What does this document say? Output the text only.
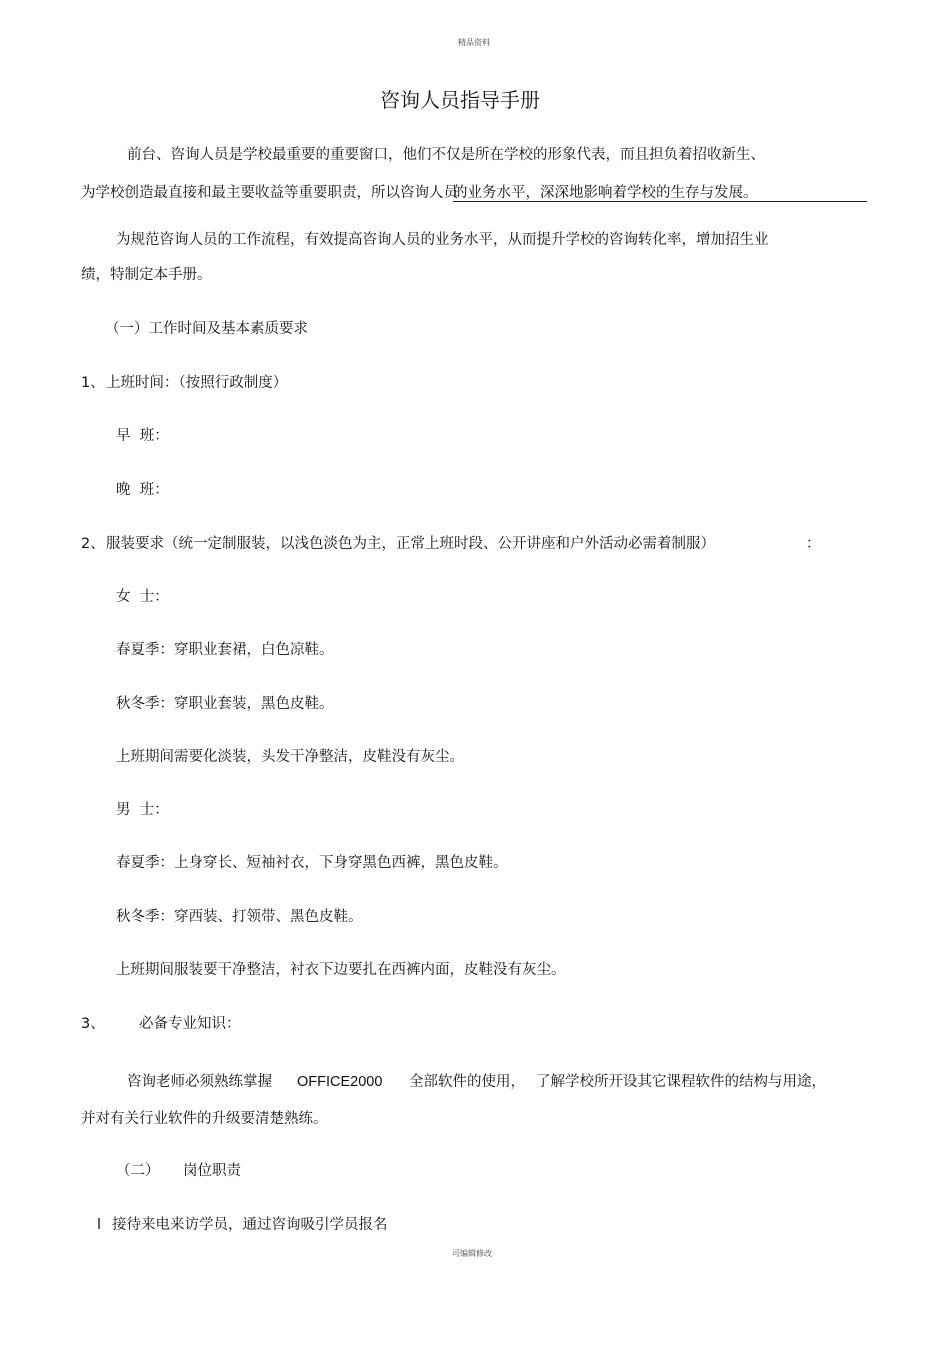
精品资料
咨询人员指导手册
前台、咨询人员是学校最重要的重要窗口，他们不仅是所在学校的形象代表，而且担负着招收新生、
为学校创造最直接和最主要收益等重要职责，所以咨询人员
的业务水平，深深地影响着学校的生存与发展。
为规范咨询人员的工作流程，有效提高咨询人员的业务水平，从而提升学校的咨询转化率，增加招生业
绩，特制定本手册。
（一）工作时间及基本素质要求
1、 上班时间：（按照行政制度）
早  班：
晚  班：
2、 服装要求（统一定制服装，以浅色淡色为主，正常上班时段、公开讲座和户外活动必需着制服）	：
女  士：
春夏季：穿职业套裙，白色凉鞋。
秋冬季：穿职业套装，黑色皮鞋。
上班期间需要化淡装，头发干净整洁，皮鞋没有灰尘。
男  士：
春夏季：上身穿长、短袖衬衣，下身穿黑色西裤，黑色皮鞋。
秋冬季：穿西装、打领带、黑色皮鞋。
上班期间服装要干净整洁，衬衣下边要扎在西裤内面，皮鞋没有灰尘。
3、 必备专业知识：
咨询老师必须熟练掌握 OFFICE2000 全部软件的使用， 了解学校所开设其它课程软件的结构与用途，
并对有关行业软件的升级要清楚熟练。
（二） 岗位职责
l 接待来电来访学员，通过咨询吸引学员报名
可编辑修改
